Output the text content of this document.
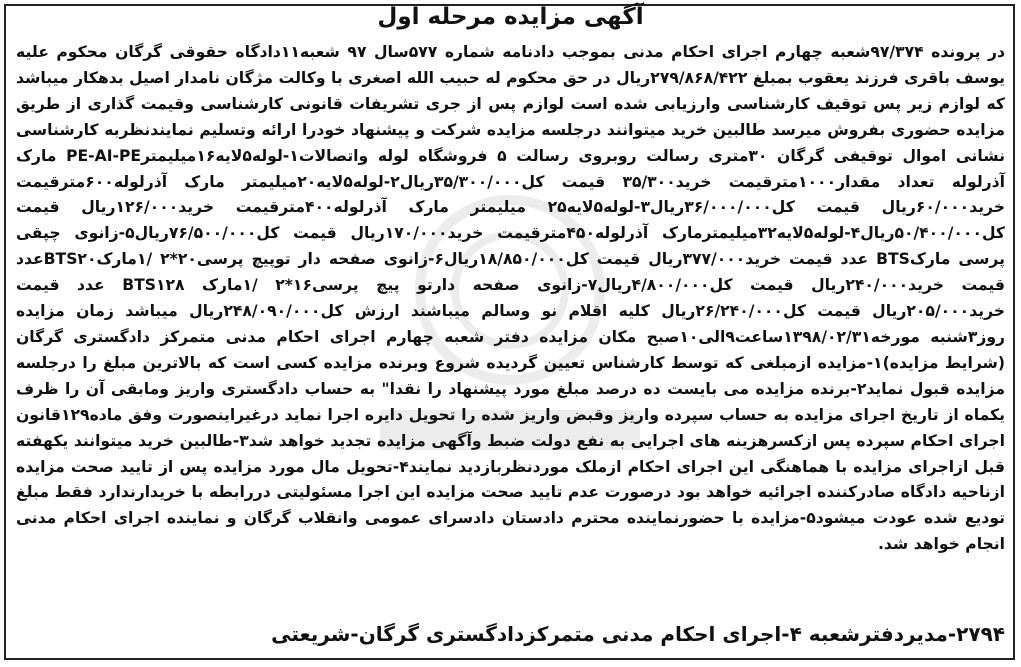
آگهی مزایده مرحله اول

در پرونده ۹۷/۳۷۴شعبه چهارم اجرای احکام مدنی بموجب دادنامه شماره ۵۷۷سال ۹۷ شعبه۱۱دادگاه حقوقی گرگان محکوم علیه یوسف باقری فرزند یعقوب بمبلغ ۲۷۹/۸۶۸/۴۲۲ریال در حق محکوم له حبیب الله اصغری با وکالت مژگان نامدار اصیل بدهکار میباشد که لوازم زیر پس توقیف کارشناسی وارزیابی شده است لوازم پس از جری تشریفات قانونی کارشناسی وقیمت گذاری از طریق مزایده حضوری بفروش میرسد طالبین خرید میتوانند درجلسه مزایده شرکت و پیشنهاد خودرا ارائه وتسلیم نمایندنظربه کارشناسی نشانی اموال توقیفی گرگان ۳۰متری رسالت روبروی رسالت ۵ فروشگاه لوله واتصالات۱-لوله۵لایه۱۶میلیمترPE-AI-PE مارک آذرلوله تعداد مقدار۱۰۰۰مترقیمت خرید۳۵/۳۰۰ قیمت کل۳۵/۳۰۰/۰۰۰ریال۲-لوله۵لایه۲۰میلیمتر مارک آذرلوله۶۰۰مترقیمت خرید۶۰/۰۰۰ریال قیمت کل۳۶/۰۰۰/۰۰۰ریال۳-لوله۵لایه۲۵ میلیمتر مارک آذرلوله۴۰۰مترقیمت خرید۱۲۶/۰۰۰ریال قیمت کل۵۰/۴۰۰/۰۰۰ریال۴-لوله۵لایه۳۲میلیمترمارک آذرلوله۴۵۰مترقیمت خرید۱۷۰/۰۰۰ریال قیمت کل۷۶/۵۰۰/۰۰۰ریال۵-زانوی چپقی پرسی مارکBTS عدد قیمت خرید۳۷۷/۰۰۰ریال قیمت کل۱۸/۸۵۰/۰۰۰ریال۶-زانوی صفحه دار توپیچ پرسی۲۰*۲ /۱مارکBTS۲۰عدد قیمت خرید۲۴۰/۰۰۰ریال قیمت کل۴/۸۰۰/۰۰۰ریال۷-زانوی صفحه دارتو پیچ پرسی۱۶*۲ /۱مارک BTS۱۲۸ عدد قیمت خرید۲۰۵/۰۰۰ریال قیمت کل۲۶/۲۴۰/۰۰۰ریال کلیه اقلام نو وسالم میباشند ارزش کل۲۴۸/۰۹۰/۰۰۰ریال میباشد زمان مزایده روز۳شنبه مورخه۱۳۹۸/۰۲/۳۱ساعت۹الی۱۰صبح مکان مزایده دفتر شعبه چهارم اجرای احکام مدنی متمرکز دادگستری گرگان (شرایط مزایده)۱-مزایده ازمبلغی که توسط کارشناس تعیین گردیده شروع وبرنده مزایده کسی است که بالاترین مبلغ را درجلسه مزایده قبول نماید۲-برنده مزایده می بایست ده درصد مبلغ مورد پیشنهاد را نقدا" به حساب دادگستری واریز ومابقی آن را ظرف یکماه از تاریخ اجرای مزایده به حساب سپرده واریز وقبض واریز شده را تحویل دایره اجرا نماید درغیراینصورت وفق ماده۱۲۹قانون اجرای احکام سپرده پس ازکسرهزینه های اجرایی به نفع دولت ضبط وآگهی مزایده تجدید خواهد شد۳-طالبین خرید میتوانند یکهفته قبل ازاجرای مزایده با هماهنگی این اجرای احکام ازملک موردنظربازدید نمایند۴-تحویل مال مورد مزایده پس از تایید صحت مزایده ازناحیه دادگاه صادرکننده اجرائیه خواهد بود درصورت عدم تایید صحت مزایده این اجرا مسئولیتی دررابطه با خریدارندارد فقط مبلغ تودیع شده عودت میشود۵-مزایده با حضورنماینده محترم دادستان دادسرای عمومی وانقلاب گرگان و نماینده اجرای احکام مدنی انجام خواهد شد.

۲۷۹۴-مدیردفترشعبه ۴-اجرای احکام مدنی متمرکزدادگستری گرگان-شریعتی
